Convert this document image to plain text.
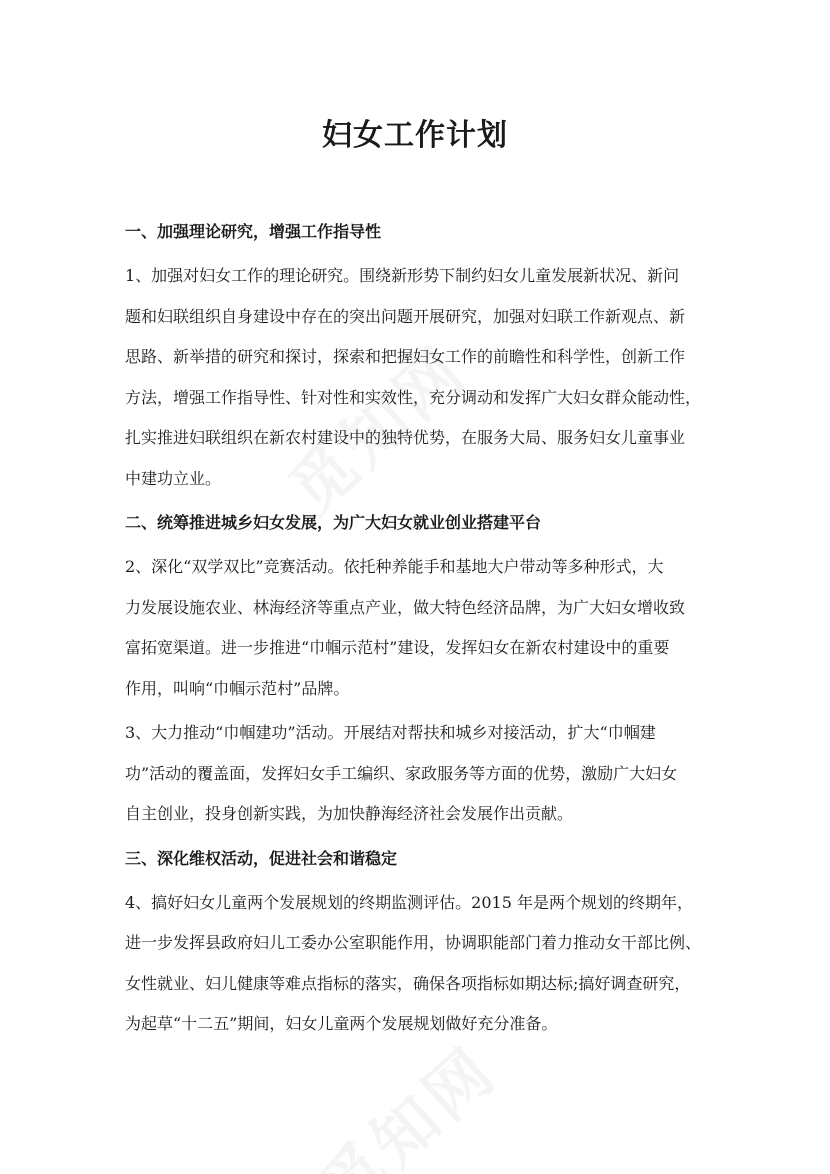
妇女工作计划
一、加强理论研究，增强工作指导性
1、加强对妇女工作的理论研究。围绕新形势下制约妇女儿童发展新状况、新问
题和妇联组织自身建设中存在的突出问题开展研究，加强对妇联工作新观点、新
思路、新举措的研究和探讨，探索和把握妇女工作的前瞻性和科学性，创新工作
方法，增强工作指导性、针对性和实效性，充分调动和发挥广大妇女群众能动性，
扎实推进妇联组织在新农村建设中的独特优势，在服务大局、服务妇女儿童事业
中建功立业。
二、统筹推进城乡妇女发展，为广大妇女就业创业搭建平台
2、深化“双学双比”竞赛活动。依托种养能手和基地大户带动等多种形式，大
力发展设施农业、林海经济等重点产业，做大特色经济品牌，为广大妇女增收致
富拓宽渠道。进一步推进“巾帼示范村”建设，发挥妇女在新农村建设中的重要
作用，叫响“巾帼示范村”品牌。
3、大力推动“巾帼建功”活动。开展结对帮扶和城乡对接活动，扩大“巾帼建
功”活动的覆盖面，发挥妇女手工编织、家政服务等方面的优势，激励广大妇女
自主创业，投身创新实践，为加快静海经济社会发展作出贡献。
三、深化维权活动，促进社会和谐稳定
4、搞好妇女儿童两个发展规划的终期监测评估。2015 年是两个规划的终期年，
进一步发挥县政府妇儿工委办公室职能作用，协调职能部门着力推动女干部比例、
女性就业、妇儿健康等难点指标的落实，确保各项指标如期达标;搞好调查研究，
为起草“十二五”期间，妇女儿童两个发展规划做好充分准备。
